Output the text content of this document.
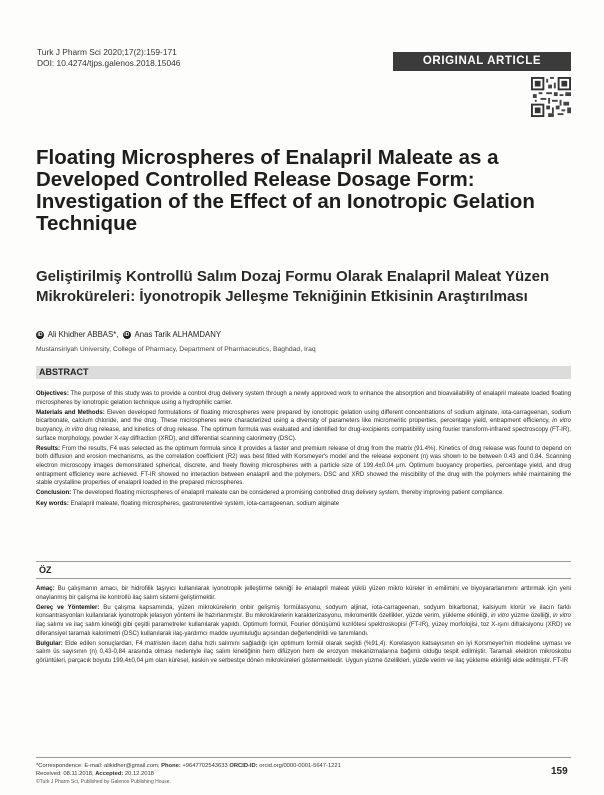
Turk J Pharm Sci 2020;17(2):159-171
DOI: 10.4274/tjps.galenos.2018.15046	ORIGINAL ARTICLE
Floating Microspheres of Enalapril Maleate as a Developed Controlled Release Dosage Form: Investigation of the Effect of an Ionotropic Gelation Technique
Geliştirilmiş Kontrollü Salım Dozaj Formu Olarak Enalapril Maleat Yüzen Mikroküreleri: İyonotropik Jelleşme Tekniğinin Etkisinin Araştırılması
iD Ali Khidher ABBAS*, iD Anas Tarik ALHAMDANY
Mustansiriyah University, College of Pharmacy, Department of Pharmaceutics, Baghdad, Iraq
ABSTRACT

Objectives: The purpose of this study was to provide a control drug delivery system through a newly approved work to enhance the absorption and bioavailability of enalapril maleate loaded floating microspheres by ionotropic gelation technique using a hydrophilic carrier.

Materials and Methods: Eleven developed formulations of floating microspheres were prepared by ionotropic gelation using different concentrations of sodium alginate, iota-carrageenan, sodium bicarbonate, calcium chloride, and the drug. These microspheres were characterized using a diversity of parameters like micromeritic properties, percentage yield, entrapment efficiency, in vitro buoyancy, in vitro drug release, and kinetics of drug release. The optimum formula was evaluated and identified for drug-excipients compatibility using fourier transform-infrared spectroscopy (FT-IR), surface morphology, powder X-ray diffraction (XRD), and differential scanning calorimetry (DSC).

Results: From the results, F4 was selected as the optimum formula since it provides a faster and premium release of drug from the matrix (91.4%). Kinetics of drug release was found to depend on both diffusion and erosion mechanisms, as the correlation coefficient (R2) was best fitted with Korsmeyer's model and the release exponent (n) was shown to be between 0.43 and 0.84. Scanning electron microscopy images demonstrated spherical, discrete, and freely flowing microspheres with a particle size of 199.4±0.04 μm. Optimum buoyancy properties, percentage yield, and drug entrapment efficiency were achieved. FT-IR showed no interaction between enalapril and the polymers. DSC and XRD showed the miscibility of the drug with the polymers while maintaining the stable crystalline properties of enalapril loaded in the prepared microspheres.

Conclusion: The developed floating microspheres of enalapril maleate can be considered a promising controlled drug delivery system, thereby improving patient compliance.

Key words: Enalapril maleate, floating microspheres, gastroretentive system, iota-carrageenan, sodium alginate

ÖZ

Amaç: Bu çalışmanın amacı, bir hidrofilik taşıyıcı kullanılarak iyonotropik jelleştirme tekniği ile enalapril maleat yüklü yüzen mikro küreler in emilimini ve biyoyararlanımını arttırmak için yeni onaylanmış bir çalışma ile kontrollü ilaç salım sistemi geliştirmektir.

Gereç ve Yöntemler: Bu çalışma kapsamında, yüzen mikrokürelerin onbir gelişmiş formülasyonu, sodyum aljinat, iota-carrageenan, sodyum bikarbonat, kalsiyum klorür ve ilacın farklı konsantrasyonları kullanılarak iyonotropik jelasyon yöntemi ile hazırlanmıştır. Bu mikrokürelerin karakterizasyonu, mikromeritik özellikler, yüzde verim, yükleme etkinliği, in vitro yüzme özelliği, in vitro ilaç salımı ve ilaç salım kinetiği gibi çeşitli parametreler kullanılarak yapıldı. Optimum formül, Fourier dönüşümü kızılötesi spektroskopisi (FT-IR), yüzey morfolojisi, toz X-ışını difraksiyonu (XRD) ve diferansiyel taramalı kalorimetri (DSC) kullanılarak ilaç-yardımcı madde uyumluluğu açısından değerlendirildi ve tanımlandı.

Bulgular: Elde edilen sonuçlardan, F4 matristen ilacın daha hızlı salımını sağladığı için optimum formül olarak seçildi (%91,4). Korelasyon katsayısının en iyi Korsmeyer'nin modeline uyması ve salım üs sayısının (n) 0,43-0,84 arasında olması nedeniyle ilaç salım kinetiğinin hem difüzyon hem de erozyon mekanizmalarına bağımlı olduğu tespit edilmiştir. Taramalı elektron mikroskobu görüntüleri, parçacık boyutu 199,4±0,04 μm olan küresel, keskin ve serbestçe dönen mikroküreleri göstermektedir. Uygun yüzme özellikleri, yüzde verim ve ilaç yükleme etkinliği elde edilmiştir. FT-IR

*Correspondence: E-mail: alikidher@gmail.com; Phone: +9647702543633 ORCID-ID: orcid.org/0000-0001-5647-1221
Received: 08.11.2018, Accepted: 20.12.2018
©Turk J Pharm Sci, Published by Galenos Publishing House.
159
